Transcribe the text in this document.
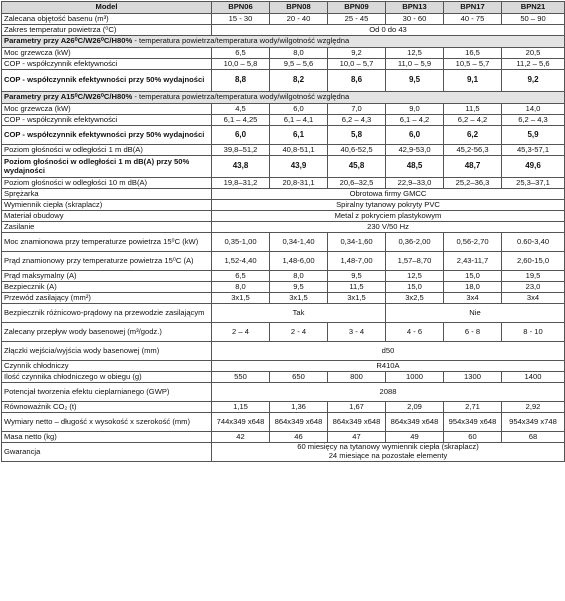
Model	BPN06	BPN08	BPN09	BPN13	BPN17	BPN21
Zalecana objętość basenu (m³)	15 - 30	20 - 40	25 - 45	30 - 60	40 - 75	50 – 90
Zakres temperatur powietrza (⁰C)	Od 0 do 43					
Parametry przy A26⁰C/W26⁰C/H80% - temperatura powietrza/temperatura wody/wilgotność względna						
Moc grzewcza (kW)	6,5	8,0	9,2	12,5	16,5	20,5
COP - współczynnik efektywności	10,0 – 5,8	9,5 – 5,6	10,0 – 5,7	11,0 – 5,9	10,5 – 5,7	11,2 – 5,6
COP - współczynnik efektywności przy 50% wydajności	8,8	8,2	8,6	9,5	9,1	9,2
Parametry przy A15⁰C/W26⁰C/H80% - temperatura powietrza/temperatura wody/wilgotność względna						
Moc grzewcza (kW)	4,5	6,0	7,0	9,0	11,5	14,0
COP - współczynnik efektywności	6,1 – 4,25	6,1 – 4,1	6,2 – 4,3	6,1 – 4,2	6,2 – 4,2	6,2 – 4,3
COP - współczynnik efektywności przy 50% wydajności	6,0	6,1	5,8	6,0	6,2	5,9
Poziom głośności w odległości 1 m dB(A)	39,8–51,2	40,8-51,1	40,6-52,5	42,9-53,0	45,2-56,3	45,3-57,1
Poziom głośności w odległości 1 m dB(A) przy 50% wydajności	43,8	43,9	45,8	48,5	48,7	49,6
Poziom głośności w odległości 10 m dB(A)	19,8–31,2	20,8-31,1	20,6–32,5	22,9–33,0	25,2–36,3	25,3–37,1
Sprężarka	Obrotowa firmy GMCC					
Wymiennik ciepła (skraplacz)	Spiralny tytanowy pokryty PVC					
Materiał obudowy	Metal z pokryciem plastykowym					
Zasilanie	230 V/50 Hz					
Moc znamionowa przy temperaturze powietrza 15⁰C (kW)	0,35-1,00	0,34-1,40	0,34-1,60	0,36-2,00	0,56-2,70	0.60-3,40
Prąd znamionowy przy temperaturze powietrza 15⁰C (A)	1,52-4,40	1,48-6,00	1,48-7,00	1,57–8,70	2,43-11,7	2,60-15,0
Prąd maksymalny (A)	6,5	8,0	9,5	12,5	15,0	19,5
Bezpiecznik (A)	8,0	9,5	11,5	15,0	18,0	23,0
Przewód zasilający (mm²)	3x1,5	3x1,5	3x1,5	3x2,5	3x4	3x4
Bezpiecznik różnicowo-prądowy na przewodzie zasilającym	Tak			Nie		
Zalecany przepływ wody basenowej (m³/godz.)	2 – 4	2 - 4	3 - 4	4 - 6	6 - 8	8 - 10
Złączki wejścia/wyjścia wody basenowej (mm)	d50					
Czynnik chłodniczy	R410A					
Ilość czynnika chłodniczego w obiegu (g)	550	650	800	1000	1300	1400
Potencjał tworzenia efektu cieplarnianego (GWP)	2088					
Równoważnik CO₂ (t)	1,15	1,36	1,67	2,09	2,71	2,92
Wymiary netto – długość x wysokość x szerokość (mm)	744x349 x648	864x349 x648	864x349 x648	864x349 x648	954x349 x648	954x349 x748
Masa netto (kg)	42	46	47	49	60	68
Gwarancja	60 miesięcy na tytanowy wymiennik ciepła (skraplacz)
24 miesiące na pozostałe elementy					
